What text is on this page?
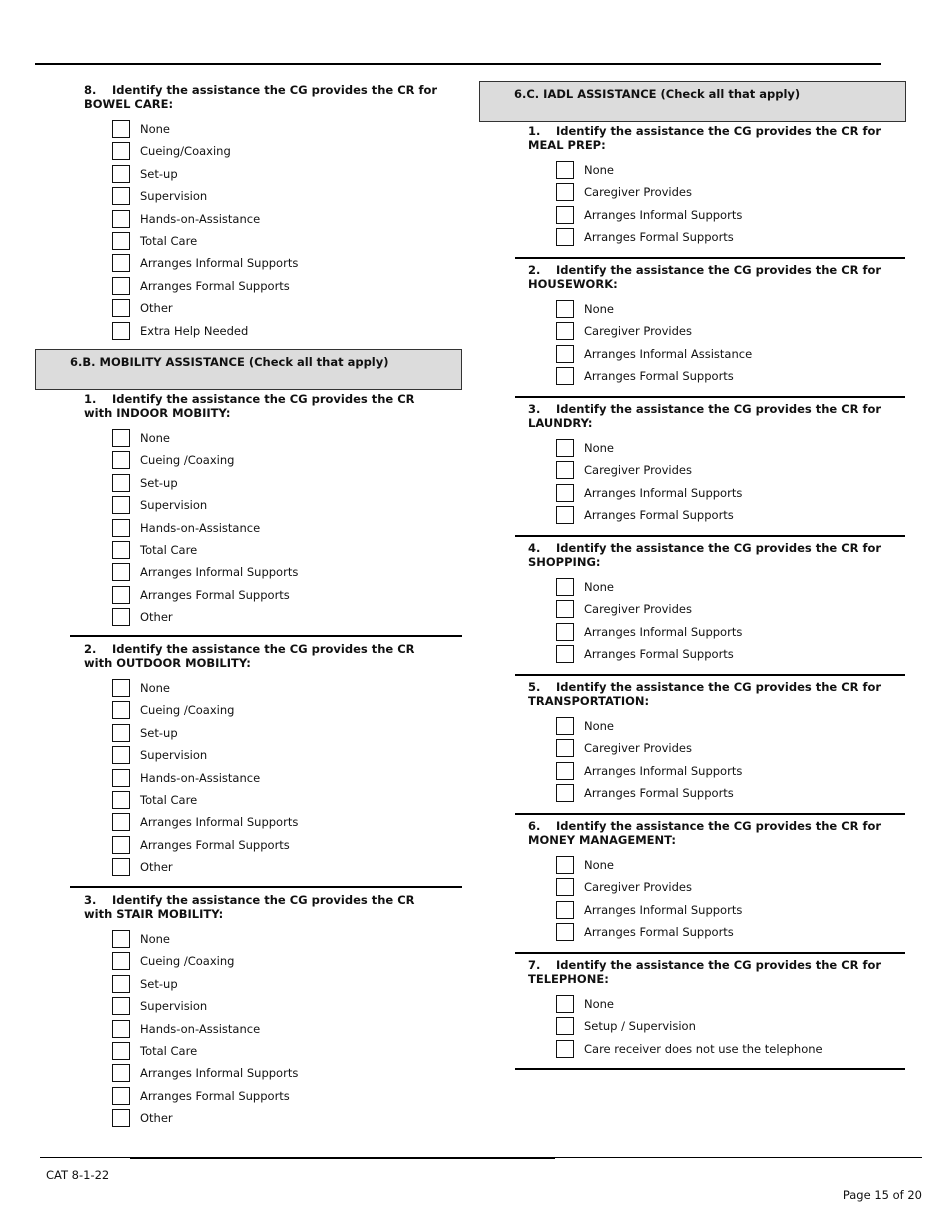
8. Identify the assistance the CG provides the CR for BOWEL CARE:
None
Cueing/Coaxing
Set-up
Supervision
Hands-on-Assistance
Total Care
Arranges Informal Supports
Arranges Formal Supports
Other
Extra Help Needed
6.B. MOBILITY ASSISTANCE (Check all that apply)
1. Identify the assistance the CG provides the CR with INDOOR MOBIITY:
None
Cueing /Coaxing
Set-up
Supervision
Hands-on-Assistance
Total Care
Arranges Informal Supports
Arranges Formal Supports
Other
2. Identify the assistance the CG provides the CR with OUTDOOR MOBILITY:
None
Cueing /Coaxing
Set-up
Supervision
Hands-on-Assistance
Total Care
Arranges Informal Supports
Arranges Formal Supports
Other
3. Identify the assistance the CG provides the CR with STAIR MOBILITY:
None
Cueing /Coaxing
Set-up
Supervision
Hands-on-Assistance
Total Care
Arranges Informal Supports
Arranges Formal Supports
Other
6.C. IADL ASSISTANCE (Check all that apply)
1. Identify the assistance the CG provides the CR for MEAL PREP:
None
Caregiver Provides
Arranges Informal Supports
Arranges Formal Supports
2. Identify the assistance the CG provides the CR for HOUSEWORK:
None
Caregiver Provides
Arranges Informal Assistance
Arranges Formal Supports
3. Identify the assistance the CG provides the CR for LAUNDRY:
None
Caregiver Provides
Arranges Informal Supports
Arranges Formal Supports
4. Identify the assistance the CG provides the CR for SHOPPING:
None
Caregiver Provides
Arranges Informal Supports
Arranges Formal Supports
5. Identify the assistance the CG provides the CR for TRANSPORTATION:
None
Caregiver Provides
Arranges Informal Supports
Arranges Formal Supports
6. Identify the assistance the CG provides the CR for MONEY MANAGEMENT:
None
Caregiver Provides
Arranges Informal Supports
Arranges Formal Supports
7. Identify the assistance the CG provides the CR for TELEPHONE:
None
Setup / Supervision
Care receiver does not use the telephone
CAT 8-1-22
Page 15 of 20
